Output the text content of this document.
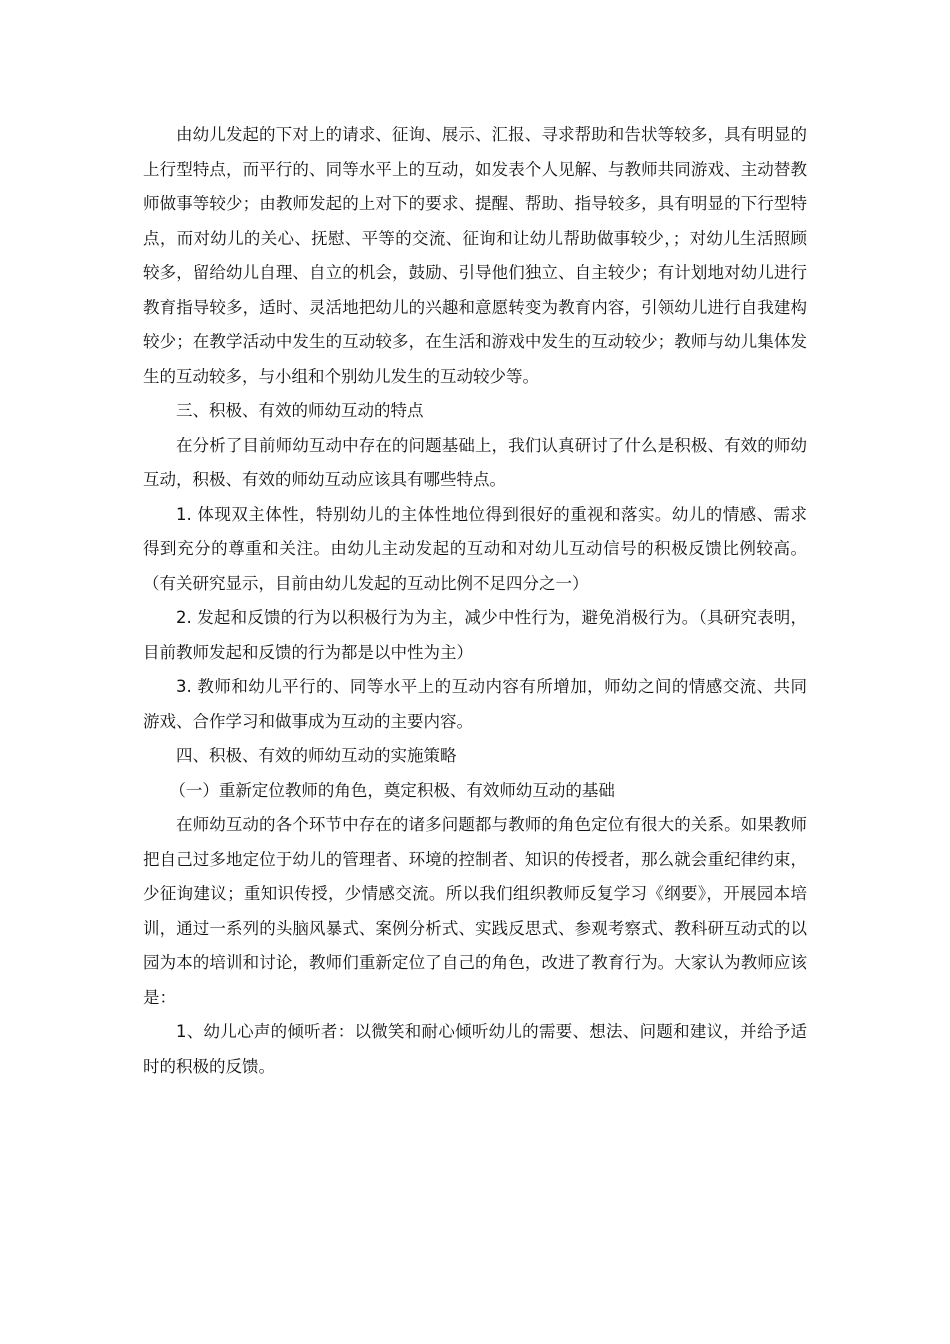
由幼儿发起的下对上的请求、征询、展示、汇报、寻求帮助和告状等较多，具有明显的上行型特点，而平行的、同等水平上的互动，如发表个人见解、与教师共同游戏、主动替教师做事等较少；由教师发起的上对下的要求、提醒、帮助、指导较多，具有明显的下行型特点，而对幼儿的关心、抚慰、平等的交流、征询和让幼儿帮助做事较少，；对幼儿生活照顾较多，留给幼儿自理、自立的机会，鼓励、引导他们独立、自主较少；有计划地对幼儿进行教育指导较多，适时、灵活地把幼儿的兴趣和意愿转变为教育内容，引领幼儿进行自我建构较少；在教学活动中发生的互动较多，在生活和游戏中发生的互动较少；教师与幼儿集体发生的互动较多，与小组和个别幼儿发生的互动较少等。

三、积极、有效的师幼互动的特点

在分析了目前师幼互动中存在的问题基础上，我们认真研讨了什么是积极、有效的师幼互动，积极、有效的师幼互动应该具有哪些特点。

1. 体现双主体性，特别幼儿的主体性地位得到很好的重视和落实。幼儿的情感、需求得到充分的尊重和关注。由幼儿主动发起的互动和对幼儿互动信号的积极反馈比例较高。（有关研究显示，目前由幼儿发起的互动比例不足四分之一）

2. 发起和反馈的行为以积极行为为主，减少中性行为，避免消极行为。（具研究表明，目前教师发起和反馈的行为都是以中性为主）

3. 教师和幼儿平行的、同等水平上的互动内容有所增加，师幼之间的情感交流、共同游戏、合作学习和做事成为互动的主要内容。

四、积极、有效的师幼互动的实施策略

（一）重新定位教师的角色，奠定积极、有效师幼互动的基础

在师幼互动的各个环节中存在的诸多问题都与教师的角色定位有很大的关系。如果教师把自己过多地定位于幼儿的管理者、环境的控制者、知识的传授者，那么就会重纪律约束，少征询建议；重知识传授，少情感交流。所以我们组织教师反复学习《纲要》，开展园本培训，通过一系列的头脑风暴式、案例分析式、实践反思式、参观考察式、教科研互动式的以园为本的培训和讨论，教师们重新定位了自己的角色，改进了教育行为。大家认为教师应该是：

1、幼儿心声的倾听者：以微笑和耐心倾听幼儿的需要、想法、问题和建议，并给予适时的积极的反馈。
